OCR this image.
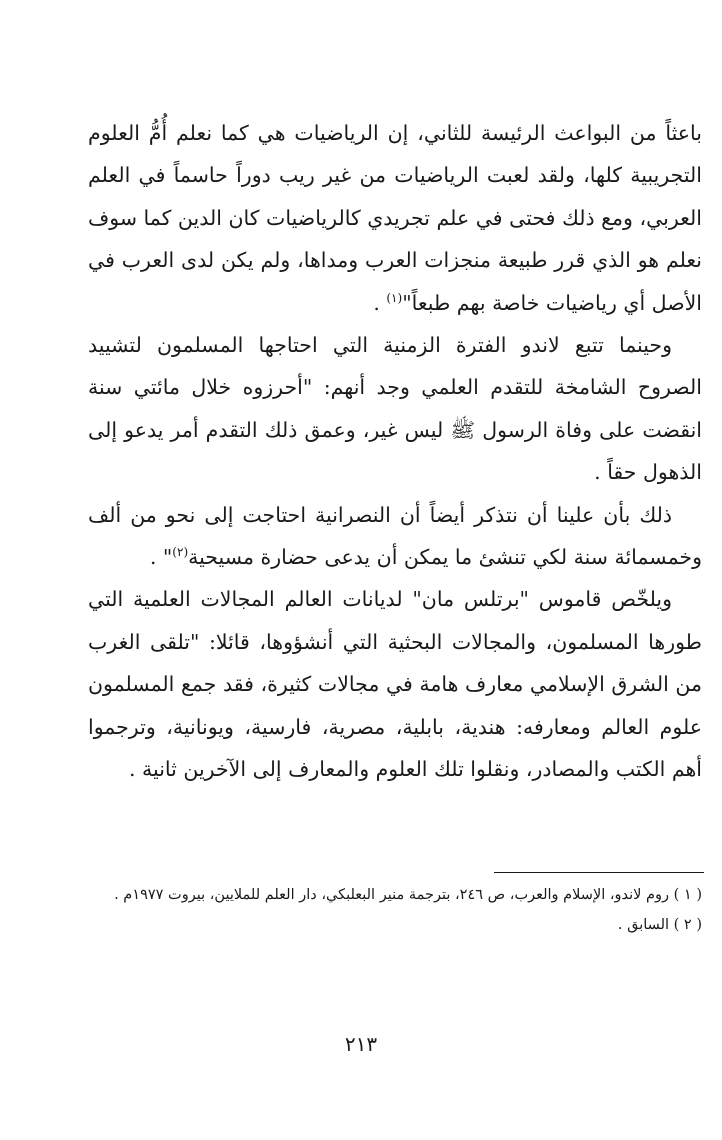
باعثاً من البواعث الرئيسة للثاني، إن الرياضيات هي كما نعلم أُمُّ العلوم التجريبية كلها، ولقد لعبت الرياضيات من غير ريب دوراً حاسماً في العلم العربي، ومع ذلك فحتى في علم تجريدي كالرياضيات كان الدين كما سوف نعلم هو الذي قرر طبيعة منجزات العرب ومداها، ولم يكن لدى العرب في الأصل أي رياضيات خاصة بهم طبعاً"$^{(١)}$ .

وحينما تتبع لاندو الفترة الزمنية التي احتاجها المسلمون لتشييد الصروح الشامخة للتقدم العلمي وجد أنهم: "أحرزوه خلال مائتي سنة انقضت على وفاة الرسول ﷺ ليس غير، وعمق ذلك التقدم أمر يدعو إلى الذهول حقاً .

ذلك بأن علينا أن نتذكر أيضاً أن النصرانية احتاجت إلى نحو من ألف وخمسمائة سنة لكي تنشئ ما يمكن أن يدعى حضارة مسيحية$^{(٢)}$" .

ويلخّص قاموس "برتلس مان" لديانات العالم المجالات العلمية التي طورها المسلمون، والمجالات البحثية التي أنشؤوها، قائلا: "تلقى الغرب من الشرق الإسلامي معارف هامة في مجالات كثيرة، فقد جمع المسلمون علوم العالم ومعارفه: هندية، بابلية، مصرية، فارسية، ويونانية، وترجموا أهم الكتب والمصادر، ونقلوا تلك العلوم والمعارف إلى الآخرين ثانية .

( ١ ) روم لاندو، الإسلام والعرب، ص ٢٤٦، بترجمة منير البعلبكي، دار العلم للملايين، بيروت ١٩٧٧م .

( ٢ ) السابق .

٢١٣
